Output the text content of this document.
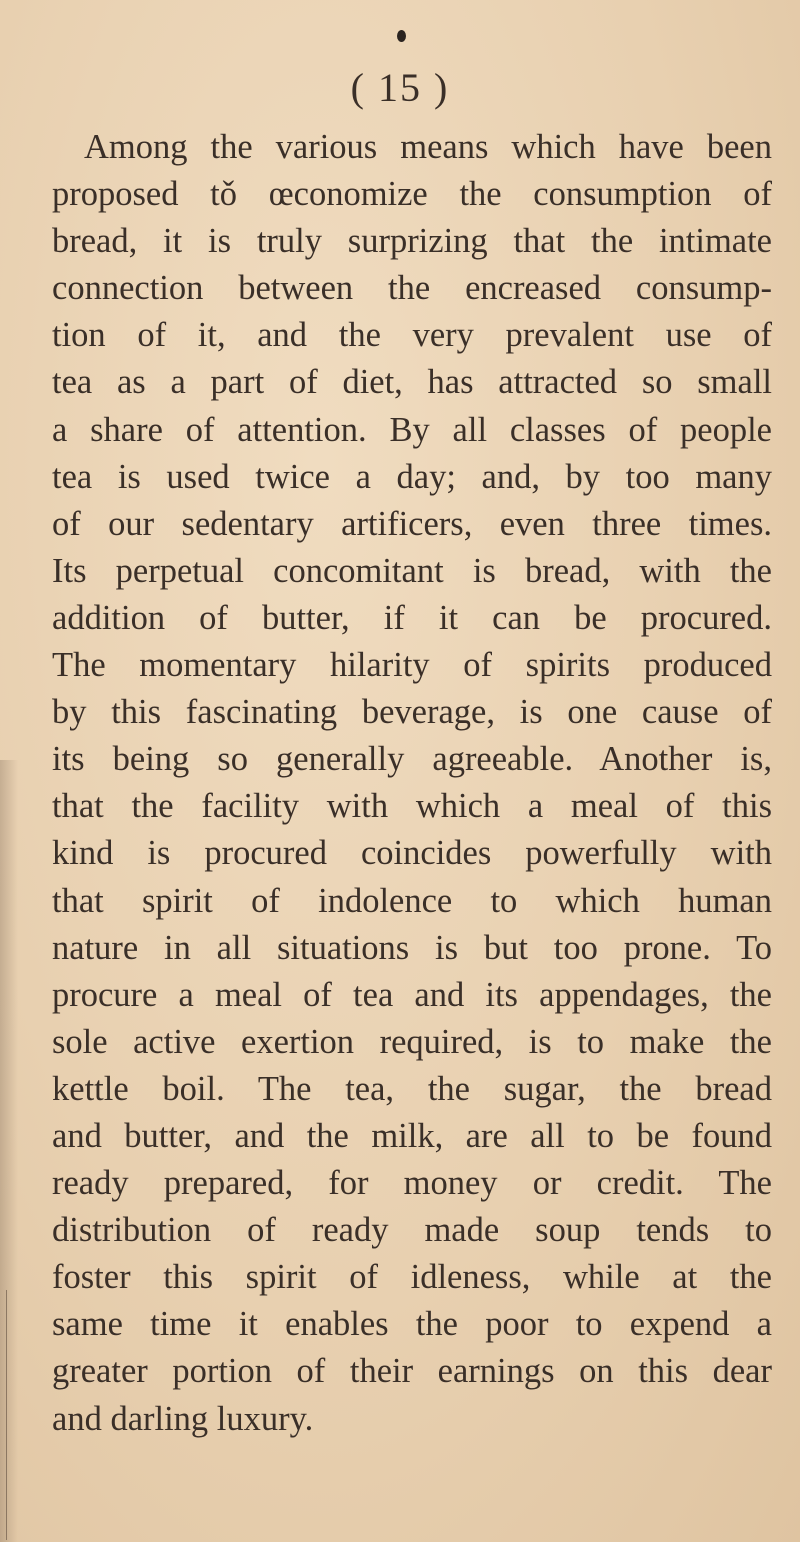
( 15 )
Among the various means which have been
proposed tǒ œconomize the consumption of
bread, it is truly surprizing that the intimate
connection between the encreased consump-
tion of it, and the very prevalent use of
tea as a part of diet, has attracted so small
a share of attention. By all classes of people
tea is used twice a day; and, by too many
of our sedentary artificers, even three times.
Its perpetual concomitant is bread, with the
addition of butter, if it can be procured.
The momentary hilarity of spirits produced
by this fascinating beverage, is one cause of
its being so generally agreeable. Another is,
that the facility with which a meal of this
kind is procured coincides powerfully with
that spirit of indolence to which human
nature in all situations is but too prone. To
procure a meal of tea and its appendages, the
sole active exertion required, is to make the
kettle boil. The tea, the sugar, the bread
and butter, and the milk, are all to be found
ready prepared, for money or credit. The
distribution of ready made soup tends to
foster this spirit of idleness, while at the
same time it enables the poor to expend a
greater portion of their earnings on this dear
and darling luxury.
